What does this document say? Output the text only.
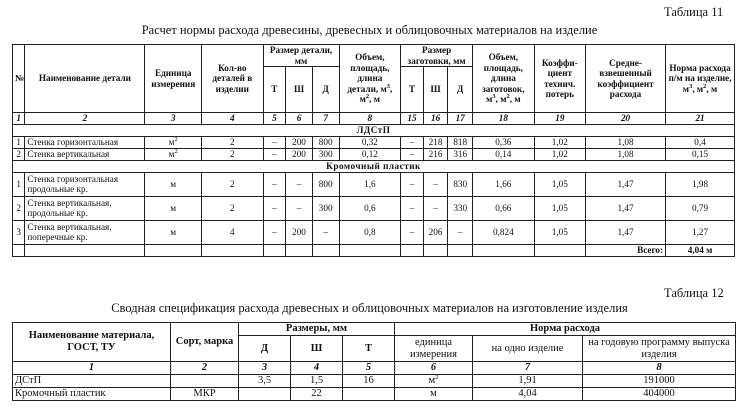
Таблица 11
Расчет нормы расхода древесины, древесных и облицовочных материалов на изделие
№	Наименование детали	Единица измерения	Кол-во деталей в изделии	Размер детали, мм			Объем, площадь, длина детали, $м^3$, $м^2$, м	Размер заготовки, мм			Объем, площадь, длина заготовок, $м^3$, $м^2$, м	Коэффи-циент технич. потерь	Средне-взвешенный коэффициент расхода	Норма расхода п/м на изделие, $м^3$, $м^2$, м
				Т	Ш	Д		Т	Ш	Д				
1	2	3	4	5	6	7	8	15	16	17	18	19	20	21
ЛДСтП														
1	Стенка горизонтальная	$м^2$	2	–	200	800	0,32	–	218	818	0,36	1,02	1,08	0,4
2	Стенка вертикальная	$м^2$	2	–	200	300	0,12	–	216	316	0,14	1,02	1,08	0,15
Кромочный пластик														
1	Стенка горизонтальная продольные кр.	м	2	–	–	800	1,6	–	–	830	1,66	1,05	1,47	1,98
2	Стенка вертикальная, продольные кр.	м	2	–	–	300	0,6	–	–	330	0,66	1,05	1,47	0,79
3	Стенка вертикальная, поперечные кр.	м	4	–	200	–	0,8	–	206	–	0,824	1,05	1,47	1,27
													Всего:	4,04 м
Таблица 12
Сводная спецификация расхода древесных и облицовочных материалов на изготовление изделия
Наименование материала, ГОСТ, ТУ	Сорт, марка	Размеры, мм			Норма расхода		
		Д	Ш	Т	единица измерения	на одно изделие	на годовую программу выпуска изделия
1	2	3	4	5	6	7	8
ДСтП		3,5	1,5	16	$м^2$	1,91	191000
Кромочный пластик	МКР		22		м	4,04	404000
